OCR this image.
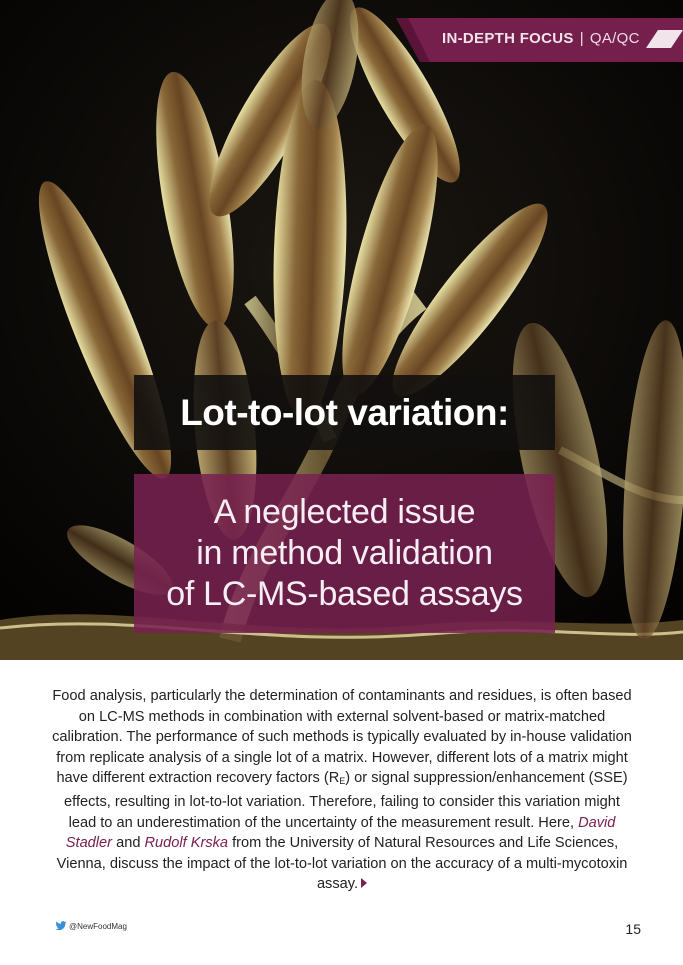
IN-DEPTH FOCUS | QA/QC
Lot-to-lot variation:
A neglected issue
in method validation
of LC-MS-based assays

Food analysis, particularly the determination of contaminants and residues, is often based on LC-MS methods in combination with external solvent-based or matrix-matched calibration. The performance of such methods is typically evaluated by in-house validation from replicate analysis of a single lot of a matrix. However, different lots of a matrix might have different extraction recovery factors $(R_E)$ or signal suppression/enhancement (SSE) effects, resulting in lot-to-lot variation. Therefore, failing to consider this variation might lead to an underestimation of the uncertainty of the measurement result. Here, David Stadler and Rudolf Krska from the University of Natural Resources and Life Sciences, Vienna, discuss the impact of the lot-to-lot variation on the accuracy of a multi-mycotoxin assay.

@NewFoodMag	15
